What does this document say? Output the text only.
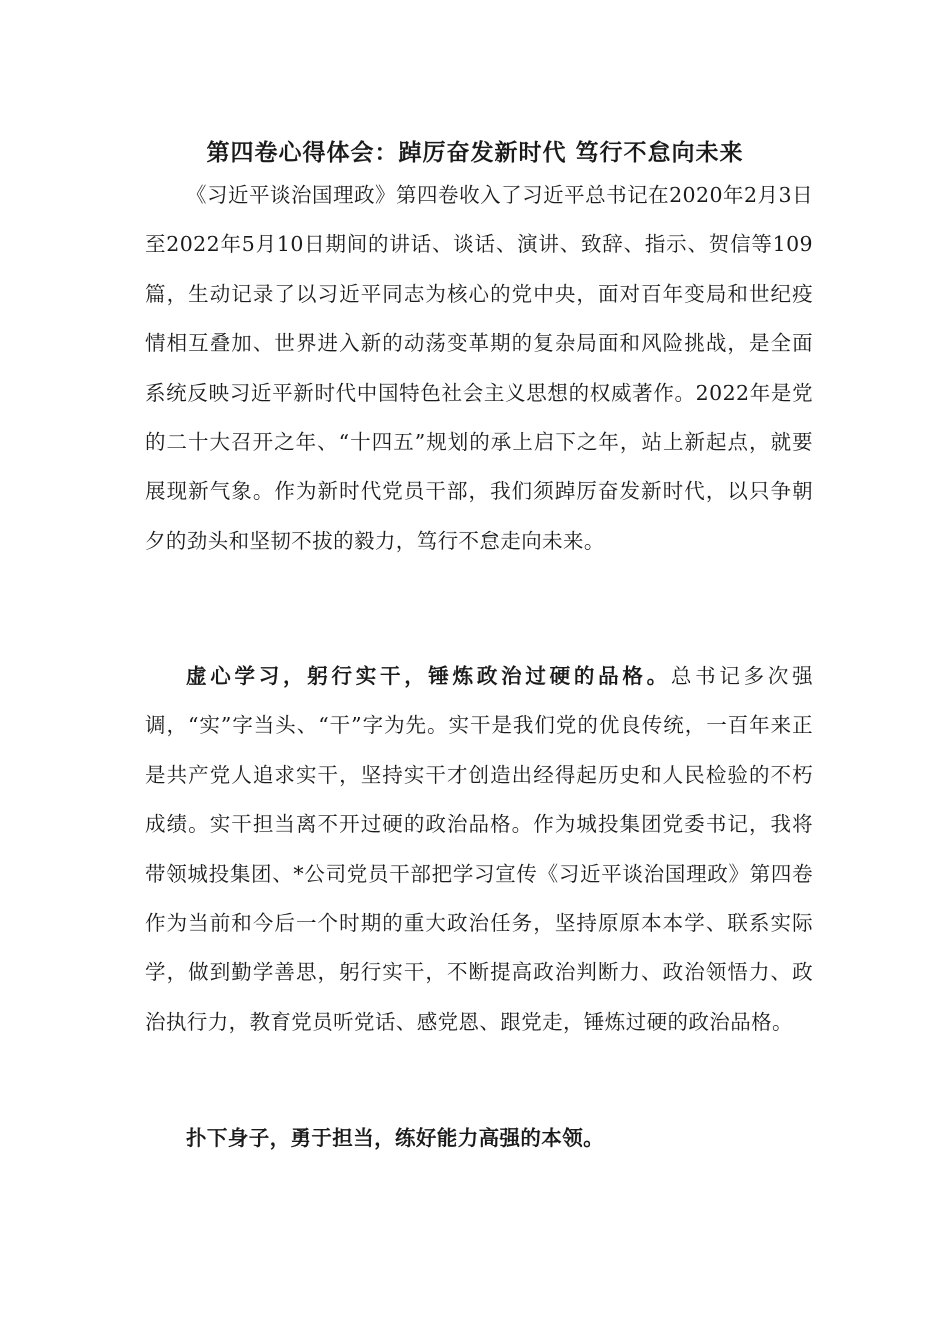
第四卷心得体会：踔厉奋发新时代 笃行不怠向未来

《习近平谈治国理政》第四卷收入了习近平总书记在2020年2月3日至2022年5月10日期间的讲话、谈话、演讲、致辞、指示、贺信等109篇，生动记录了以习近平同志为核心的党中央，面对百年变局和世纪疫情相互叠加、世界进入新的动荡变革期的复杂局面和风险挑战，是全面系统反映习近平新时代中国特色社会主义思想的权威著作。2022年是党的二十大召开之年、“十四五”规划的承上启下之年，站上新起点，就要展现新气象。作为新时代党员干部，我们须踔厉奋发新时代，以只争朝夕的劲头和坚韧不拔的毅力，笃行不怠走向未来。

虚心学习，躬行实干，锤炼政治过硬的品格。总书记多次强调，“实”字当头、“干”字为先。实干是我们党的优良传统，一百年来正是共产党人追求实干，坚持实干才创造出经得起历史和人民检验的不朽成绩。实干担当离不开过硬的政治品格。作为城投集团党委书记，我将带领城投集团、*公司党员干部把学习宣传《习近平谈治国理政》第四卷作为当前和今后一个时期的重大政治任务，坚持原原本本学、联系实际学，做到勤学善思，躬行实干，不断提高政治判断力、政治领悟力、政治执行力，教育党员听党话、感党恩、跟党走，锤炼过硬的政治品格。

扑下身子，勇于担当，练好能力高强的本领。
